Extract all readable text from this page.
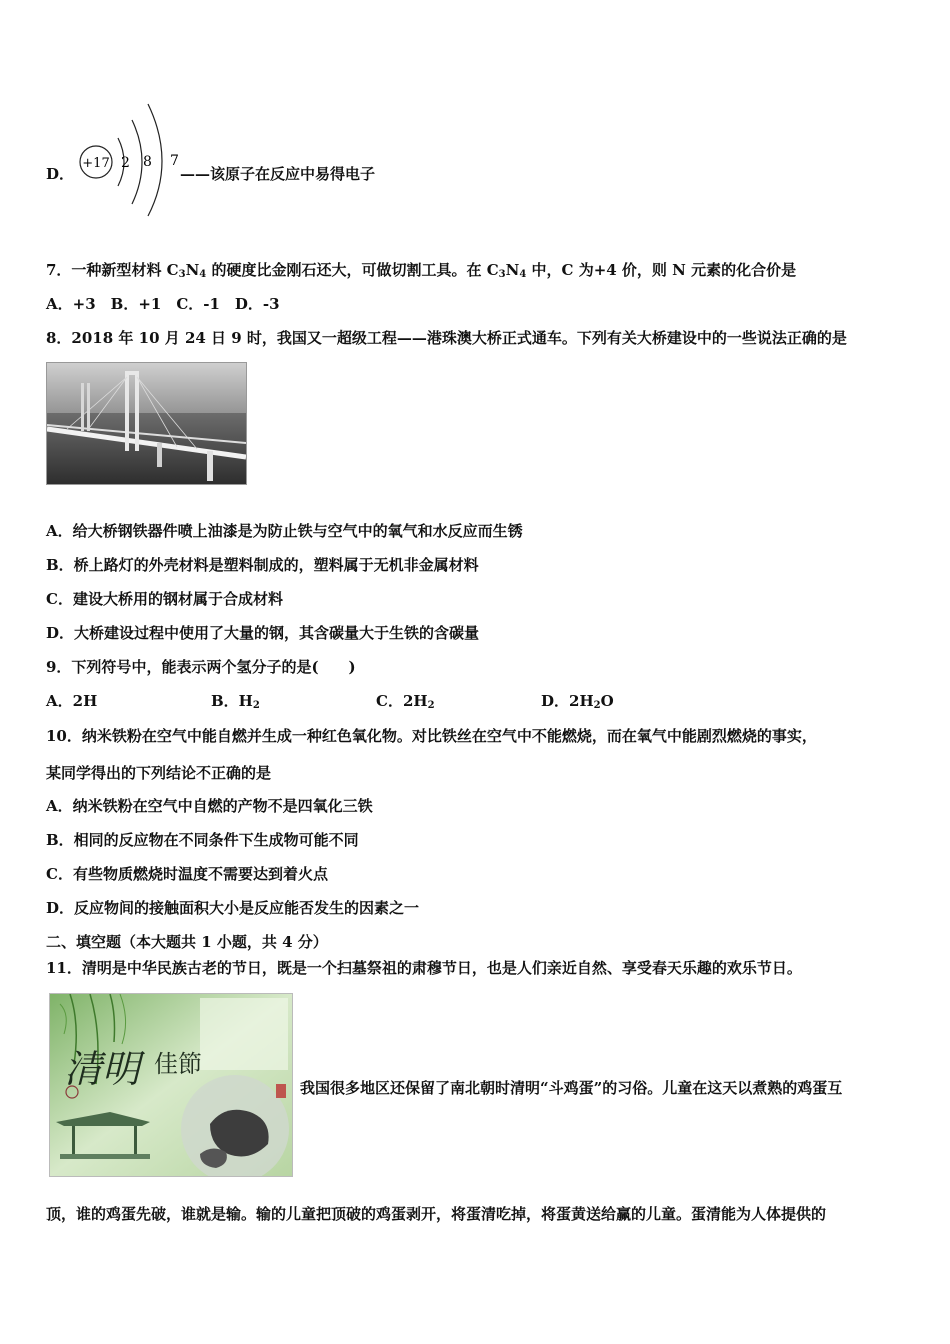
D．
+17 2 8 7
——该原子在反应中易得电子
7．一种新型材料 $C_3N_4$ 的硬度比金刚石还大，可做切割工具。在 $C_3N_4$ 中，C 为+4 价，则 N 元素的化合价是
A．+3　B．+1　C．-1　D．-3
8．2018 年 10 月 24 日 9 时，我国又一超级工程——港珠澳大桥正式通车。下列有关大桥建设中的一些说法正确的是
A．给大桥钢铁器件喷上油漆是为防止铁与空气中的氧气和水反应而生锈
B．桥上路灯的外壳材料是塑料制成的，塑料属于无机非金属材料
C．建设大桥用的钢材属于合成材料
D．大桥建设过程中使用了大量的钢，其含碳量大于生铁的含碳量
9．下列符号中，能表示两个氢分子的是(　　)
A．2H	B．$H_2$	C．$2H_2$	D．$2H_2O$
10．纳米铁粉在空气中能自燃并生成一种红色氧化物。对比铁丝在空气中不能燃烧，而在氧气中能剧烈燃烧的事实，
某同学得出的下列结论不正确的是
A．纳米铁粉在空气中自燃的产物不是四氧化三铁
B．相同的反应物在不同条件下生成物可能不同
C．有些物质燃烧时温度不需要达到着火点
D．反应物间的接触面积大小是反应能否发生的因素之一
二、填空题（本大题共 1 小题，共 4 分）
11．清明是中华民族古老的节日，既是一个扫墓祭祖的肃穆节日，也是人们亲近自然、享受春天乐趣的欢乐节日。
清明 佳節
我国很多地区还保留了南北朝时清明“斗鸡蛋”的习俗。儿童在这天以煮熟的鸡蛋互
顶，谁的鸡蛋先破，谁就是输。输的儿童把顶破的鸡蛋剥开，将蛋清吃掉，将蛋黄送给赢的儿童。蛋清能为人体提供的
